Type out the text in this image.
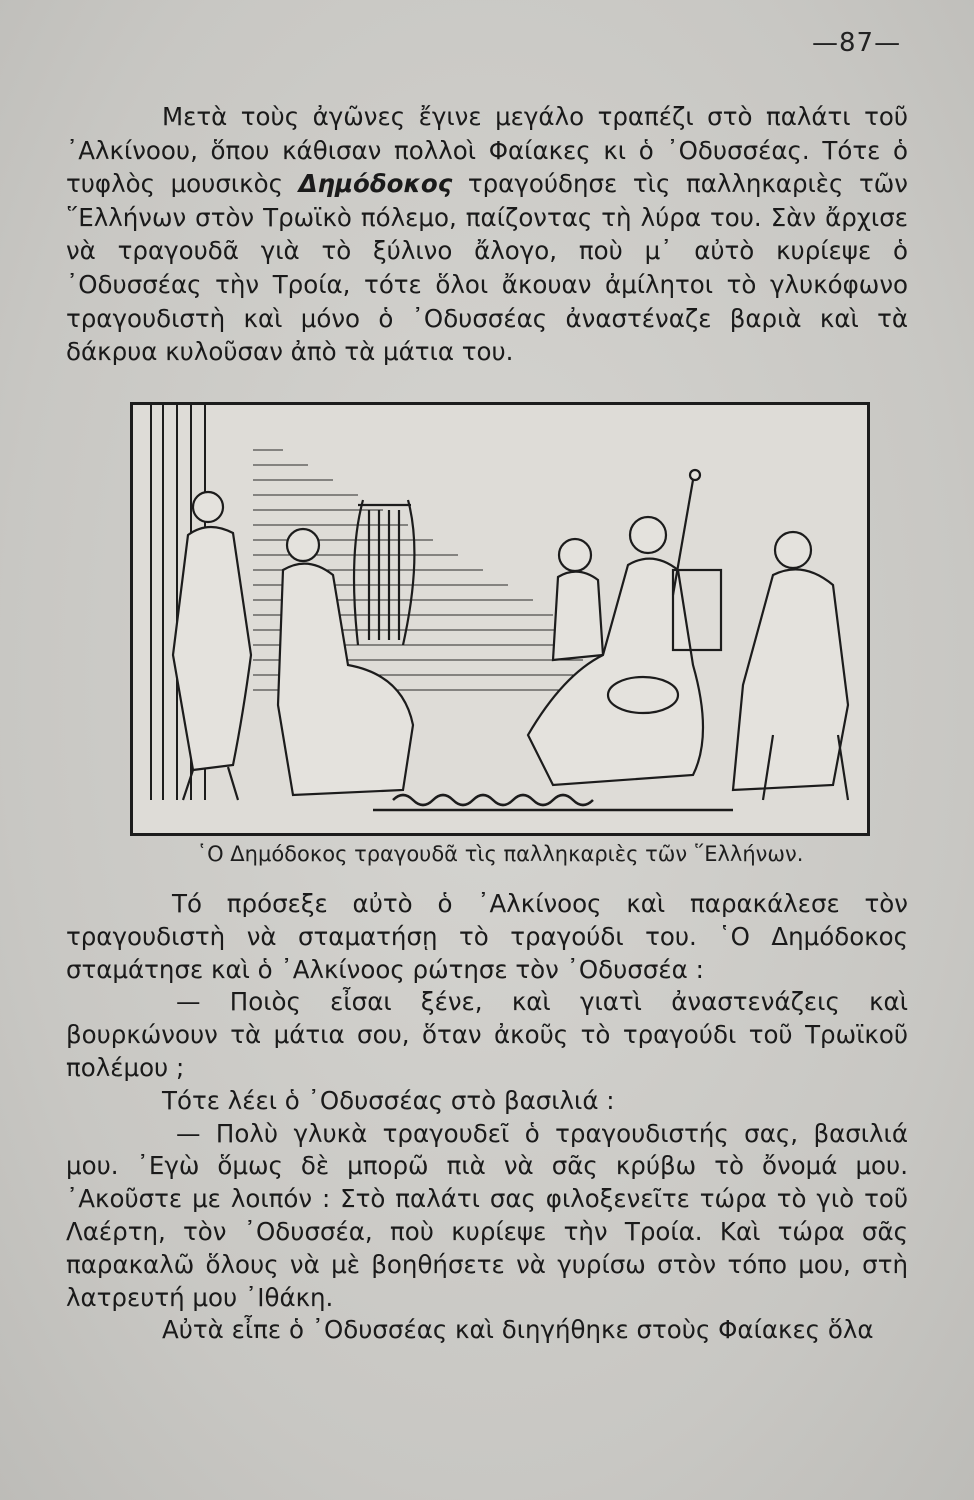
—87—

Μετὰ τοὺς ἀγῶνες ἔγινε μεγάλο τραπέζι στὸ παλάτι τοῦ ᾿Αλκίνοου, ὅπου κάθισαν πολλοὶ Φαίακες κι ὁ ᾿Οδυσσέας. Τότε ὁ τυφλὸς μουσικὸς Δημόδοκος τραγούδησε τὶς παλληκαριὲς τῶν ῞Ελλήνων στὸν Τρωϊκὸ πόλεμο, παίζοντας τὴ λύρα του. Σὰν ἄρχισε νὰ τραγουδᾶ γιὰ τὸ ξύλινο ἄλογο, ποὺ μ᾿ αὐτὸ κυρίεψε ὁ ᾿Οδυσσέας τὴν Τροία, τότε ὅλοι ἄκουαν ἀμίλητοι τὸ γλυκόφωνο τραγουδιστὴ καὶ μόνο ὁ ᾿Οδυσσέας ἀναστέναζε βαριὰ καὶ τὰ δάκρυα κυλοῦσαν ἀπὸ τὰ μάτια του.

῾Ο Δημόδοκος τραγουδᾶ τὶς παλληκαριὲς τῶν ῞Ελλήνων.

Τό πρόσεξε αὐτὸ ὁ ᾿Αλκίνοος καὶ παρακάλεσε τὸν τραγουδιστὴ νὰ σταματήσῃ τὸ τραγούδι του. ῾Ο Δημόδοκος σταμάτησε καὶ ὁ ᾿Αλκίνοος ρώτησε τὸν ᾿Οδυσσέα :

— Ποιὸς εἶσαι ξένε, καὶ γιατὶ ἀναστενάζεις καὶ βουρκώνουν τὰ μάτια σου, ὅταν ἀκοῦς τὸ τραγούδι τοῦ Τρωϊκοῦ πολέμου ;

Τότε λέει ὁ ᾿Οδυσσέας στὸ βασιλιά :

— Πολὺ γλυκὰ τραγουδεῖ ὁ τραγουδιστής σας, βασιλιά μου. ᾿Εγὼ ὅμως δὲ μπορῶ πιὰ νὰ σᾶς κρύβω τὸ ὄνομά μου. ᾿Ακοῦστε με λοιπόν : Στὸ παλάτι σας φιλοξενεῖτε τώρα τὸ γιὸ τοῦ Λαέρτη, τὸν ᾿Οδυσσέα, ποὺ κυρίεψε τὴν Τροία. Καὶ τώρα σᾶς παρακαλῶ ὅλους νὰ μὲ βοηθήσετε νὰ γυρίσω στὸν τόπο μου, στὴ λατρευτή μου ᾿Ιθάκη.

Αὐτὰ εἶπε ὁ ᾿Οδυσσέας καὶ διηγήθηκε στοὺς Φαίακες ὅλα
